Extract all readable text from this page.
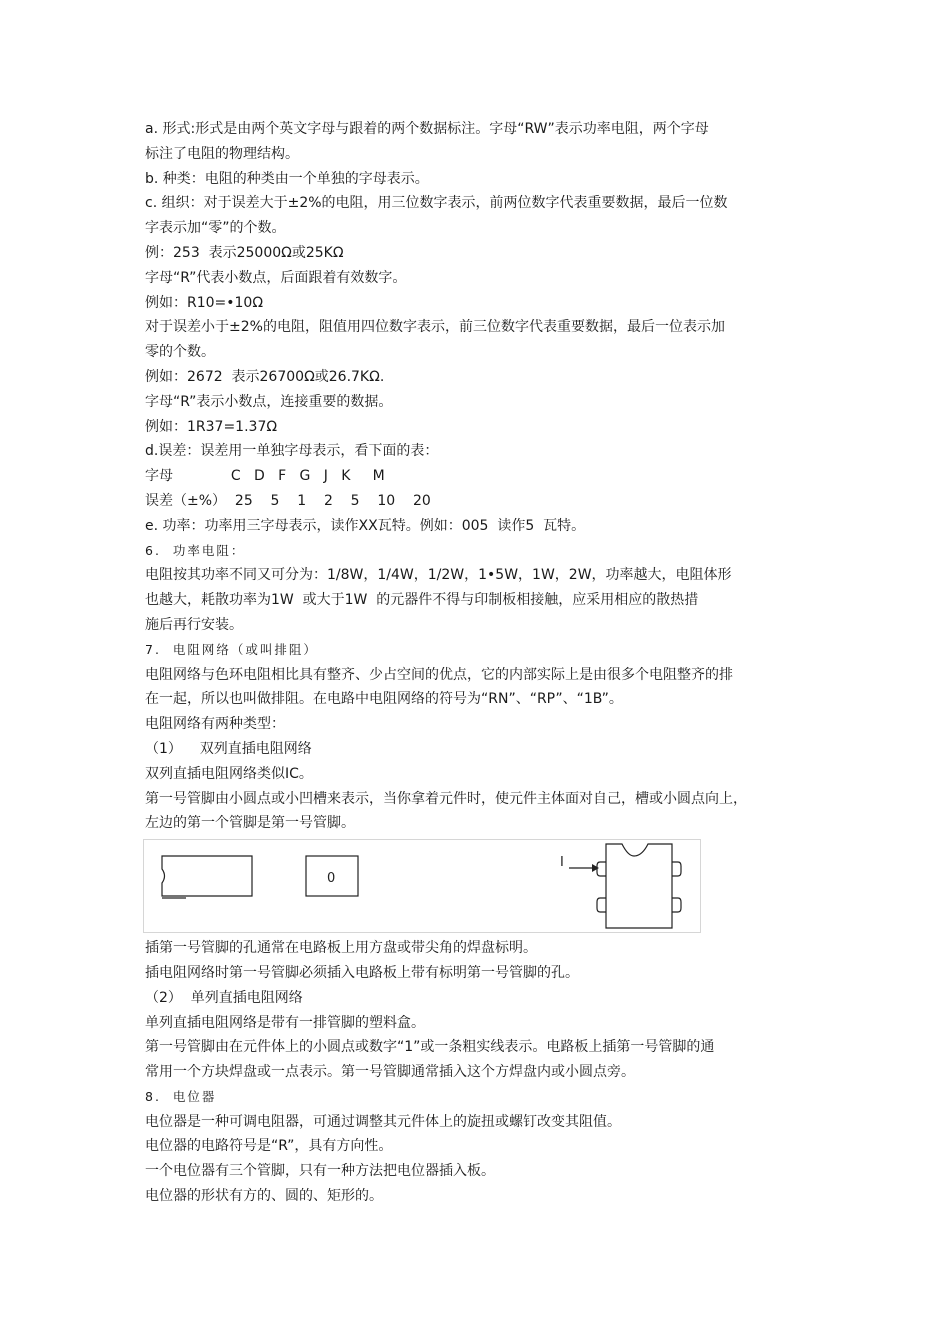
a. 形式:形式是由两个英文字母与跟着的两个数据标注。字母“RW”表示功率电阻，两个字母
标注了电阻的物理结构。
b. 种类：电阻的种类由一个单独的字母表示。
c. 组织：对于误差大于±2%的电阻，用三位数字表示，前两位数字代表重要数据，最后一位数
字表示加“零”的个数。
例：253  表示25000Ω或25KΩ
字母“R”代表小数点，后面跟着有效数字。
例如：R10=•10Ω
对于误差小于±2%的电阻，阻值用四位数字表示，前三位数字代表重要数据，最后一位表示加
零的个数。
例如：2672  表示26700Ω或26.7KΩ.
字母“R”表示小数点，连接重要的数据。
例如：1R37=1.37Ω
d.误差：误差用一单独字母表示，看下面的表：
字母             C   D   F   G   J   K     M
误差（±%）  25    5    1    2    5    10    20
e. 功率：功率用三字母表示，读作XX瓦特。例如：005  读作5  瓦特。
6.  功率电阻：
电阻按其功率不同又可分为：1/8W，1/4W，1/2W，1•5W，1W，2W，功率越大，电阻体形
也越大，耗散功率为1W  或大于1W  的元器件不得与印制板相接触，应采用相应的散热措
施后再行安装。
7.  电阻网络（或叫排阻）
电阻网络与色环电阻相比具有整齐、少占空间的优点，它的内部实际上是由很多个电阻整齐的排
在一起，所以也叫做排阻。在电路中电阻网络的符号为“RN”、“RP”、“1B”。
电阻网络有两种类型：
（1）    双列直插电阻网络
双列直插电阻网络类似IC。
第一号管脚由小圆点或小凹槽来表示，当你拿着元件时，使元件主体面对自己，槽或小圆点向上，
左边的第一个管脚是第一号管脚。
0
I
插第一号管脚的孔通常在电路板上用方盘或带尖角的焊盘标明。
插电阻网络时第一号管脚必须插入电路板上带有标明第一号管脚的孔。
（2）  单列直插电阻网络
单列直插电阻网络是带有一排管脚的塑料盒。
第一号管脚由在元件体上的小圆点或数字“1”或一条粗实线表示。电路板上插第一号管脚的通
常用一个方块焊盘或一点表示。第一号管脚通常插入这个方焊盘内或小圆点旁。
8.  电位器
电位器是一种可调电阻器，可通过调整其元件体上的旋扭或螺钉改变其阻值。
电位器的电路符号是“R”，具有方向性。
一个电位器有三个管脚，只有一种方法把电位器插入板。
电位器的形状有方的、圆的、矩形的。
